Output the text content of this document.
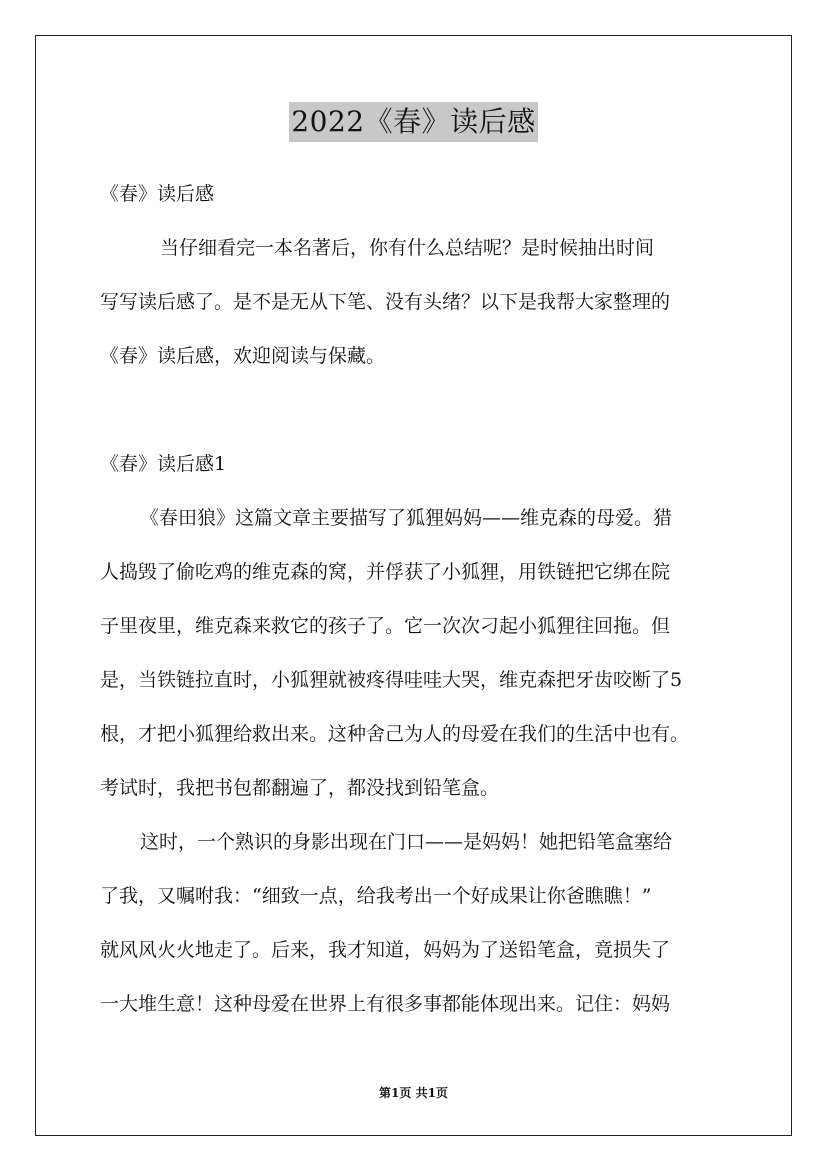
2022《春》读后感
《春》读后感
当仔细看完一本名著后，你有什么总结呢？是时候抽出时间
写写读后感了。是不是无从下笔、没有头绪？以下是我帮大家整理的
《春》读后感，欢迎阅读与保藏。
《春》读后感1
《春田狼》这篇文章主要描写了狐狸妈妈——维克森的母爱。猎
人捣毁了偷吃鸡的维克森的窝，并俘获了小狐狸，用铁链把它绑在院
子里夜里，维克森来救它的孩子了。它一次次刁起小狐狸往回拖。但
是，当铁链拉直时，小狐狸就被疼得哇哇大哭，维克森把牙齿咬断了5
根，才把小狐狸给救出来。这种舍己为人的母爱在我们的生活中也有。
考试时，我把书包都翻遍了，都没找到铅笔盒。
这时，一个熟识的身影出现在门口——是妈妈！她把铅笔盒塞给
了我，又嘱咐我：“细致一点，给我考出一个好成果让你爸瞧瞧！”
就风风火火地走了。后来，我才知道，妈妈为了送铅笔盒，竟损失了
一大堆生意！这种母爱在世界上有很多事都能体现出来。记住：妈妈
第1页 共1页
